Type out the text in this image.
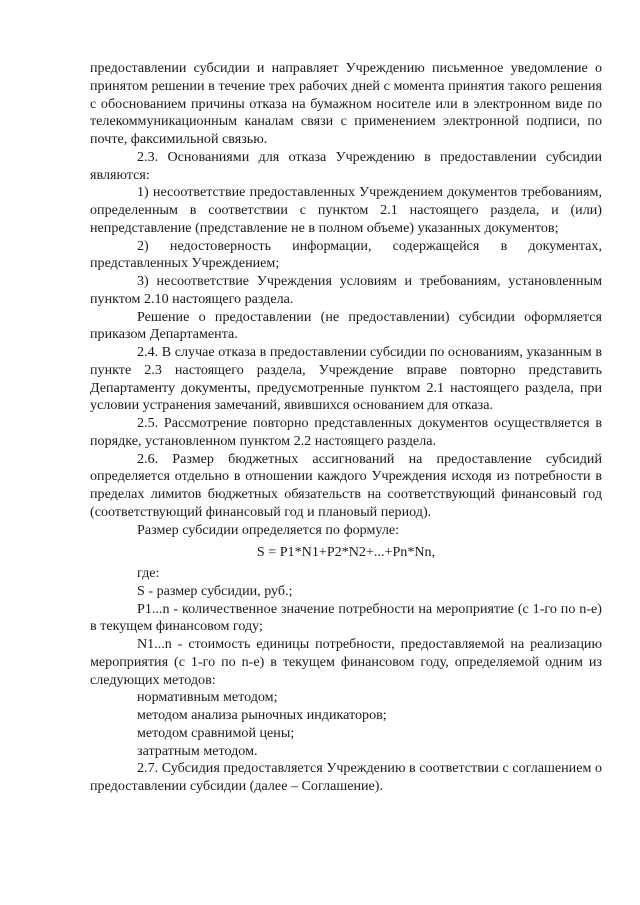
предоставлении субсидии и направляет Учреждению письменное уведомление о принятом решении в течение трех рабочих дней с момента принятия такого решения с обоснованием причины отказа на бумажном носителе или в электронном виде по телекоммуникационным каналам связи с применением электронной подписи, по почте, факсимильной связью.

2.3. Основаниями для отказа Учреждению в предоставлении субсидии являются:

1) несоответствие предоставленных Учреждением документов требованиям, определенным в соответствии с пунктом 2.1 настоящего раздела, и (или) непредставление (представление не в полном объеме) указанных документов;

2) недостоверность информации, содержащейся в документах, представленных Учреждением;

3) несоответствие Учреждения условиям и требованиям, установленным пунктом 2.10 настоящего раздела.

Решение о предоставлении (не предоставлении) субсидии оформляется приказом Департамента.

2.4. В случае отказа в предоставлении субсидии по основаниям, указанным в пункте 2.3 настоящего раздела, Учреждение вправе повторно представить Департаменту документы, предусмотренные пунктом 2.1 настоящего раздела, при условии устранения замечаний, явившихся основанием для отказа.

2.5. Рассмотрение повторно представленных документов осуществляется в порядке, установленном пунктом 2.2 настоящего раздела.

2.6. Размер бюджетных ассигнований на предоставление субсидий определяется отдельно в отношении каждого Учреждения исходя из потребности в пределах лимитов бюджетных обязательств на соответствующий финансовый год (соответствующий финансовый год и плановый период).

Размер субсидии определяется по формуле:

S = P1*N1+P2*N2+...+Pn*Nn,

где:

S - размер субсидии, руб.;

P1...n - количественное значение потребности на мероприятие (с 1-го по n-е) в текущем финансовом году;

N1...n - стоимость единицы потребности, предоставляемой на реализацию мероприятия (с 1-го по n-е) в текущем финансовом году, определяемой одним из следующих методов:

нормативным методом;

методом анализа рыночных индикаторов;

методом сравнимой цены;

затратным методом.

2.7. Субсидия предоставляется Учреждению в соответствии с соглашением о предоставлении субсидии (далее – Соглашение).
